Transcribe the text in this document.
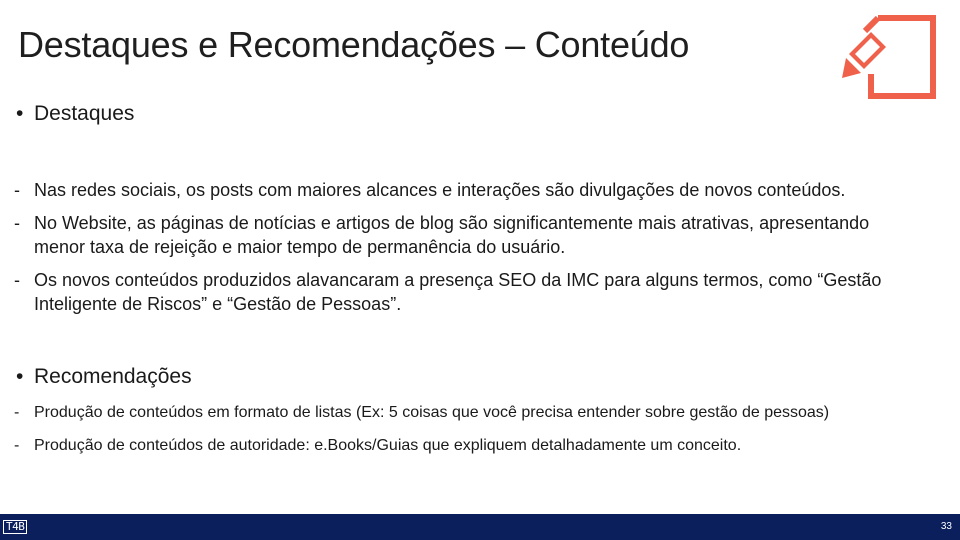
Destaques e Recomendações – Conteúdo
• Destaques
- Nas redes sociais, os posts com maiores alcances e interações são divulgações de novos conteúdos.
- No Website, as páginas de notícias e artigos de blog são significantemente mais atrativas, apresentando menor taxa de rejeição e maior tempo de permanência do usuário.
- Os novos conteúdos produzidos alavancaram a presença SEO da IMC para alguns termos, como “Gestão Inteligente de Riscos” e “Gestão de Pessoas”.
• Recomendações
- Produção de conteúdos em formato de listas (Ex: 5 coisas que você precisa entender sobre gestão de pessoas)
- Produção de conteúdos de autoridade: e.Books/Guias que expliquem detalhadamente um conceito.
T4B	33
